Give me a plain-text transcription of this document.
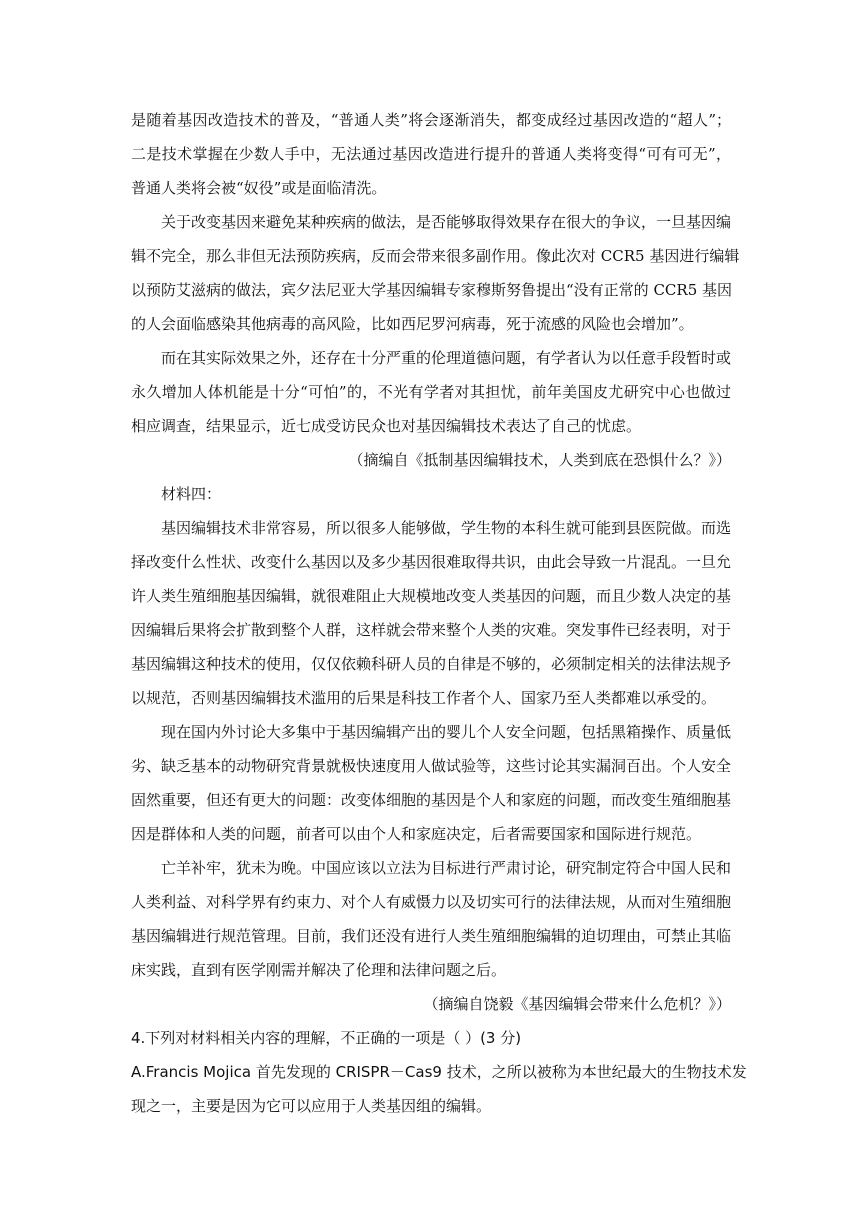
是随着基因改造技术的普及，“普通人类”将会逐渐消失，都变成经过基因改造的“超人”；
二是技术掌握在少数人手中，无法通过基因改造进行提升的普通人类将变得“可有可无”，
普通人类将会被“奴役”或是面临清洗。
关于改变基因来避免某种疾病的做法，是否能够取得效果存在很大的争议，一旦基因编
辑不完全，那么非但无法预防疾病，反而会带来很多副作用。像此次对 CCR5 基因进行编辑
以预防艾滋病的做法，宾夕法尼亚大学基因编辑专家穆斯努鲁提出“没有正常的 CCR5 基因
的人会面临感染其他病毒的高风险，比如西尼罗河病毒，死于流感的风险也会增加”。
而在其实际效果之外，还存在十分严重的伦理道德问题，有学者认为以任意手段暂时或
永久增加人体机能是十分“可怕”的，不光有学者对其担忧，前年美国皮尤研究中心也做过
相应调查，结果显示，近七成受访民众也对基因编辑技术表达了自己的忧虑。
（摘编自《抵制基因编辑技术，人类到底在恐惧什么？》）
材料四：
基因编辑技术非常容易，所以很多人能够做，学生物的本科生就可能到县医院做。而选
择改变什么性状、改变什么基因以及多少基因很难取得共识，由此会导致一片混乱。一旦允
许人类生殖细胞基因编辑，就很难阻止大规模地改变人类基因的问题，而且少数人决定的基
因编辑后果将会扩散到整个人群，这样就会带来整个人类的灾难。突发事件已经表明，对于
基因编辑这种技术的使用，仅仅依赖科研人员的自律是不够的，必须制定相关的法律法规予
以规范，否则基因编辑技术滥用的后果是科技工作者个人、国家乃至人类都难以承受的。
现在国内外讨论大多集中于基因编辑产出的婴儿个人安全问题，包括黑箱操作、质量低
劣、缺乏基本的动物研究背景就极快速度用人做试验等，这些讨论其实漏洞百出。个人安全
固然重要，但还有更大的问题：改变体细胞的基因是个人和家庭的问题，而改变生殖细胞基
因是群体和人类的问题，前者可以由个人和家庭决定，后者需要国家和国际进行规范。
亡羊补牢，犹未为晚。中国应该以立法为目标进行严肃讨论，研究制定符合中国人民和
人类利益、对科学界有约束力、对个人有威慑力以及切实可行的法律法规，从而对生殖细胞
基因编辑进行规范管理。目前，我们还没有进行人类生殖细胞编辑的迫切理由，可禁止其临
床实践，直到有医学刚需并解决了伦理和法律问题之后。
（摘编自饶毅《基因编辑会带来什么危机？》）
4.下列对材料相关内容的理解，不正确的一项是（ ）(3 分)
A.Francis Mojica 首先发现的 CRISPR－Cas9 技术，之所以被称为本世纪最大的生物技术发
现之一，主要是因为它可以应用于人类基因组的编辑。
